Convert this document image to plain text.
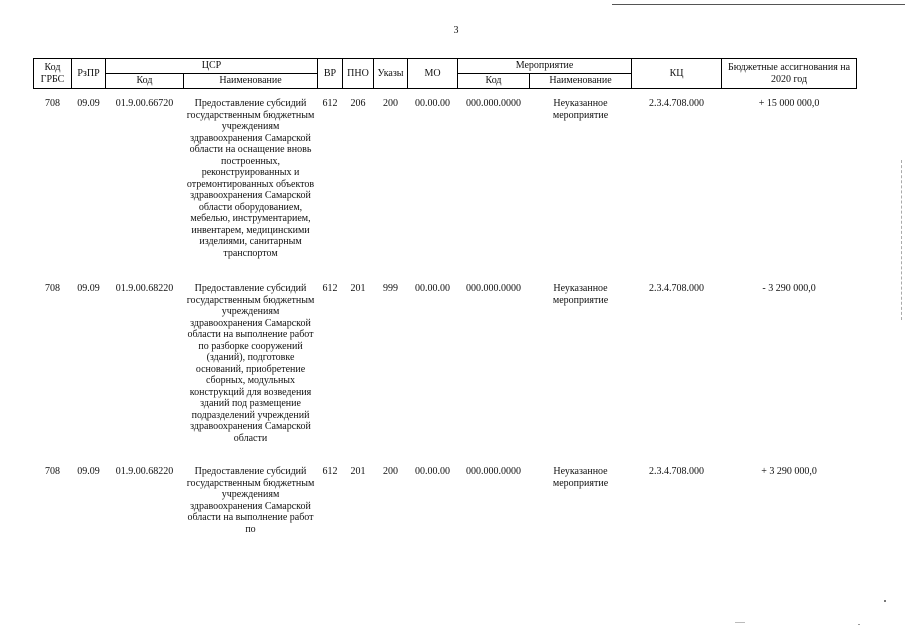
3
Код ГРБС	РзПР	ЦСР		ВР	ПНО	Указы	МО	Мероприятие		КЦ	Бюджетные ассигнования на 2020 год
		Код	Наименование					Код	Наименование		

708	09.09	01.9.00.66720	Предоставление субсидий государственным бюджетным учреждениям здравоохранения Самарской области на оснащение вновь построенных, реконструированных и отремонтированных объектов здравоохранения Самарской области оборудованием, мебелью, инструментарием, инвентарем, медицинскими изделиями, санитарным транспортом	612	206	200	00.00.00	000.000.0000	Неуказанное мероприятие	2.3.4.708.000	+ 15 000 000,0

708	09.09	01.9.00.68220	Предоставление субсидий государственным бюджетным учреждениям здравоохранения Самарской области на выполнение работ по разборке сооружений (зданий), подготовке оснований, приобретение сборных, модульных конструкций для возведения зданий под размещение подразделений учреждений здравоохранения Самарской области	612	201	999	00.00.00	000.000.0000	Неуказанное мероприятие	2.3.4.708.000	- 3 290 000,0

708	09.09	01.9.00.68220	Предоставление субсидий государственным бюджетным учреждениям здравоохранения Самарской области на выполнение работ по	612	201	200	00.00.00	000.000.0000	Неуказанное мероприятие	2.3.4.708.000	+ 3 290 000,0
